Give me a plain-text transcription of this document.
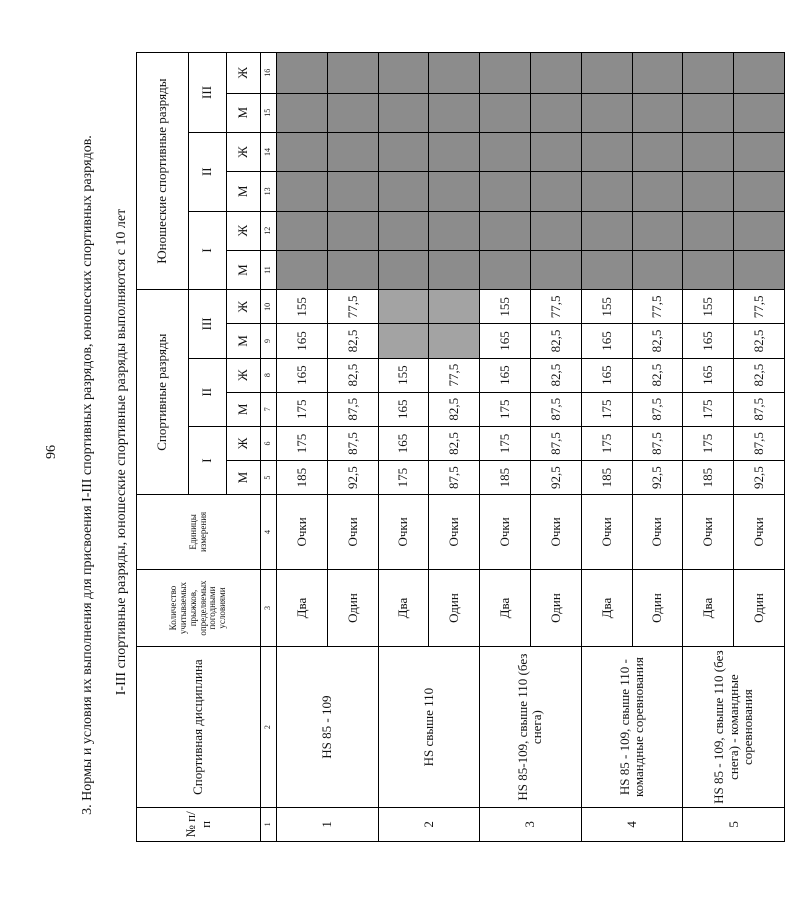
96 3. Нормы и условия их выполнения для присвоения I-III спортивных разрядов, юношеских спортивных разрядов. I-III спортивные разряды, юношеские спортивные разряды выполняются с 10 лет
№ п/п	Спортивная дисциплина	Количество учитываемых прыжков, определяемых погодными условиями	Единицы измерения	Спортивные разряды						Юношеские спортивные разряды					
				I		II		III		I		II		III	
				М	Ж	М	Ж	М	Ж	М	Ж	М	Ж	М	Ж
1	2	3	4	5	6	7	8	9	10	11	12	13	14	15	16
1	HS 85 - 109	Два	Очки	185	175	175	165	165	155						
		Один	Очки	92,5	87,5	87,5	82,5	82,5	77,5						
2	HS свыше 110	Два	Очки	175	165	165	155								
		Один	Очки	87,5	82,5	82,5	77,5								
3	HS 85-109, свыше 110 (без снега)	Два	Очки	185	175	175	165	165	155						
		Один	Очки	92,5	87,5	87,5	82,5	82,5	77,5						
4	HS 85 - 109, свыше 110 - командные соревнования	Два	Очки	185	175	175	165	165	155						
		Один	Очки	92,5	87,5	87,5	82,5	82,5	77,5						
5	HS 85 - 109, свыше 110 (без снега) - командные соревнования	Два	Очки	185	175	175	165	165	155						
		Один	Очки	92,5	87,5	87,5	82,5	82,5	77,5						
